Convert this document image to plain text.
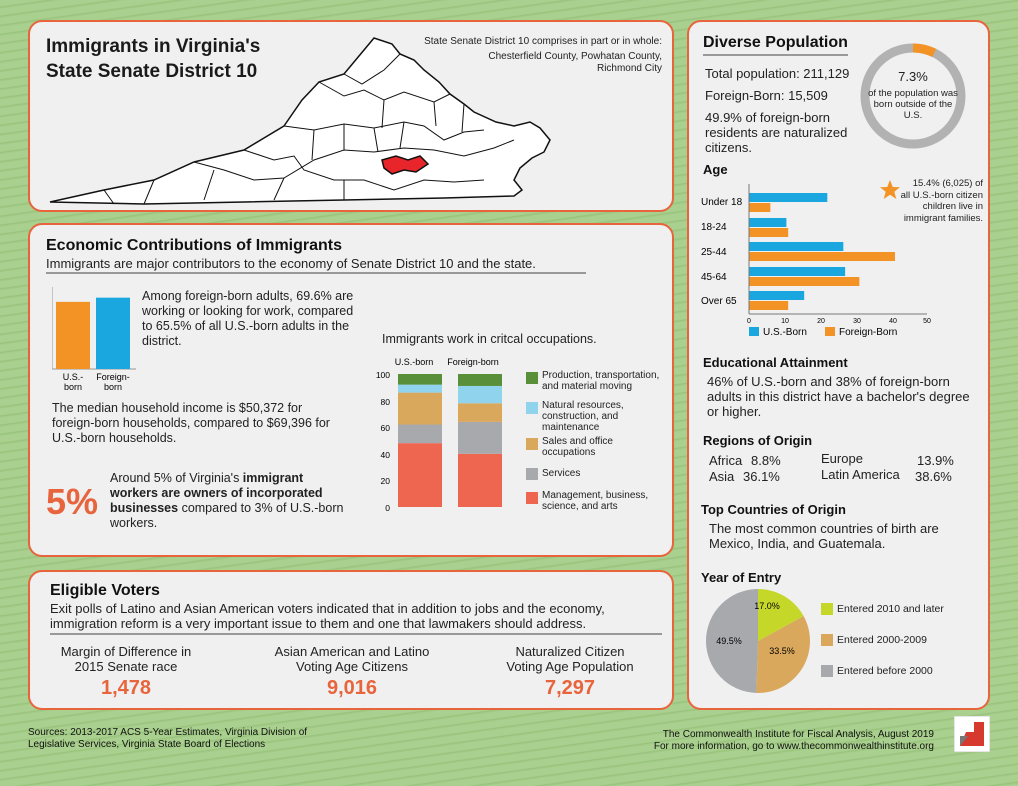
Immigrants in Virginia's
State Senate District 10
State Senate District 10 comprises in part or in whole:
Chesterfield County, Powhatan County,
Richmond City
Economic Contributions of Immigrants
Immigrants are major contributors to the economy of Senate District 10 and the state.
U.S.-
born
Foreign-
born
Among foreign-born adults, 69.6% are working or looking for work, compared to 65.5% of all U.S.-born adults in the district.
The median household income is $50,372 for foreign-born households, compared to $69,396 for U.S.-born households.
5%
Around 5% of Virginia's immigrant workers are owners of incorporated businesses compared to 3% of U.S.-born workers.
Immigrants work in critcal occupations.
U.S.-born Foreign-born
100
80
60
40
20
0
Production, transportation,
and material moving
Natural resources,
construction, and
maintenance
Sales and office
occupations
Services
Management, business,
science, and arts
Eligible Voters
Exit polls of Latino and Asian American voters indicated that in addition to jobs and the economy, immigration reform is a very important issue to them and one that lawmakers should address.
Margin of Difference in
2015 Senate race
1,478
Asian American and Latino
Voting Age Citizens
9,016
Naturalized Citizen
Voting Age Population
7,297
Diverse Population
Total population: 211,129
Foreign-Born: 15,509
49.9% of foreign-born residents are naturalized citizens.
7.3%
of the population was born outside of the U.S.
Age
Under 18
18-24
25-44
45-64
Over 65
0	10	20	30	40	50
U.S.-Born	Foreign-Born
15.4% (6,025) of all U.S.-born citizen children live in immigrant families.
Educational Attainment
46% of U.S.-born and 38% of foreign-born adults in this district have a bachelor's degree or higher.
Regions of Origin
Africa 8.8%	Europe	13.9%
Asia 36.1%	Latin America 38.6%
Top Countries of Origin
The most common countries of birth are Mexico, India, and Guatemala.
Year of Entry
17.0%
33.5%
49.5%
Entered 2010 and later
Entered 2000-2009
Entered before 2000
Sources: 2013-2017 ACS 5-Year Estimates, Virginia Division of
Legislative Services, Virginia State Board of Elections
The Commonwealth Institute for Fiscal Analysis, August 2019
For more information, go to www.thecommonwealthinstitute.org
